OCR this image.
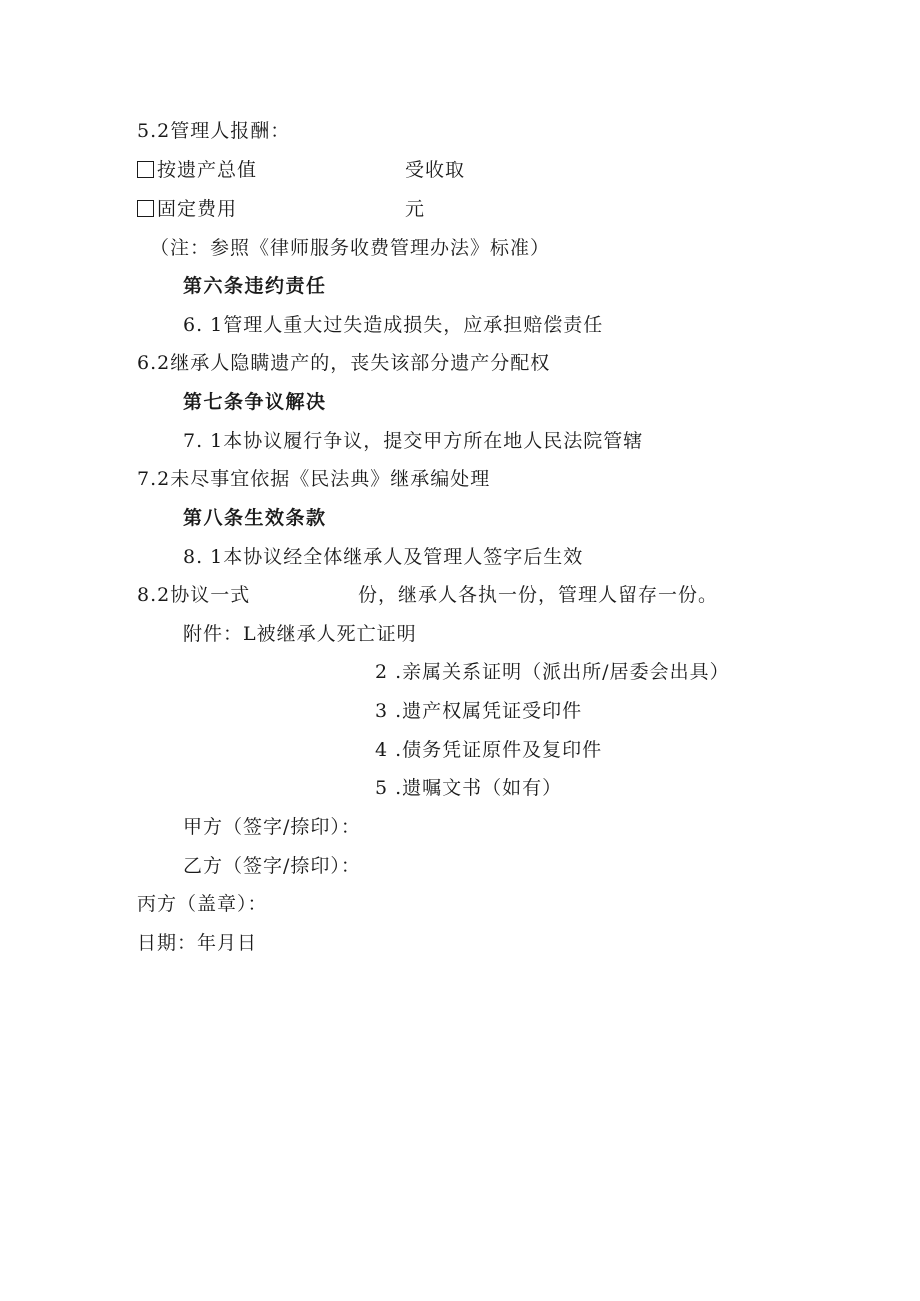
5.2管理人报酬：
按遗产总值	受收取
固定费用	元
（注：参照《律师服务收费管理办法》标准）
第六条违约责任
6. 1管理人重大过失造成损失，应承担赔偿责任
6.2继承人隐瞒遗产的，丧失该部分遗产分配权
第七条争议解决
7. 1本协议履行争议，提交甲方所在地人民法院管辖
7.2未尽事宜依据《民法典》继承编处理
第八条生效条款
8. 1本协议经全体继承人及管理人签字后生效
8.2协议一式	份，继承人各执一份，管理人留存一份。
附件：L被继承人死亡证明
2 .亲属关系证明（派出所/居委会出具）
3 .遗产权属凭证受印件
4 .债务凭证原件及复印件
5 .遗嘱文书（如有）
甲方（签字/捺印）：
乙方（签字/捺印）：
丙方（盖章）：
日期：年月日
